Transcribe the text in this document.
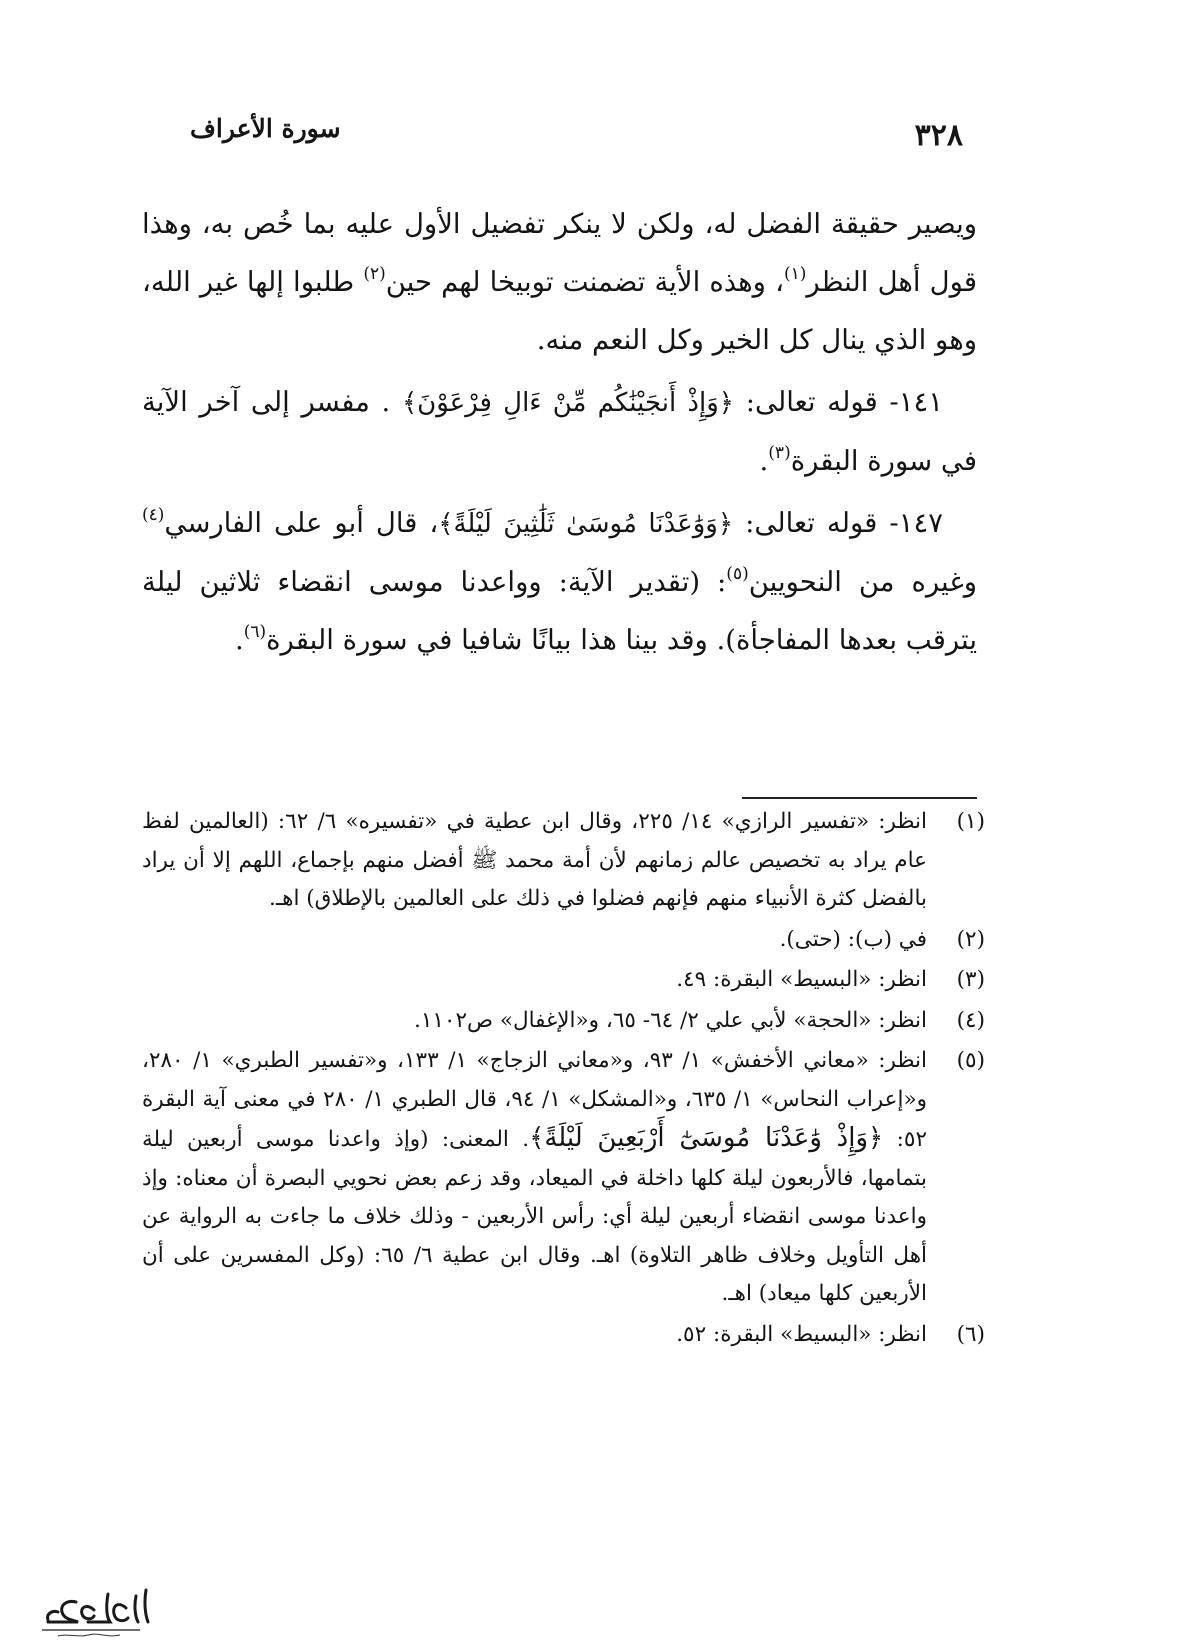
٣٢٨
سورة الأعراف

ويصير حقيقة الفضل له، ولكن لا ينكر تفضيل الأول عليه بما خُص به، وهذا قول أهل النظر$^{(١)}$، وهذه الأية تضمنت توبيخا لهم حين$^{(٢)}$ طلبوا إلها غير الله، وهو الذي ينال كل الخير وكل النعم منه.

١٤١- قوله تعالى: ﴿وَإِذْ أَنجَيْنَٰكُم مِّنْ ءَالِ فِرْعَوْنَ﴾ . مفسر إلى آخر الآية في سورة البقرة$^{(٣)}$.

١٤٧- قوله تعالى: ﴿وَوَٰعَدْنَا مُوسَىٰ ثَلَٰثِينَ لَيْلَةً﴾، قال أبو على الفارسي$^{(٤)}$ وغيره من النحويين$^{(٥)}$: (تقدير الآية: وواعدنا موسى انقضاء ثلاثين ليلة يترقب بعدها المفاجأة). وقد بينا هذا بيانًا شافيا في سورة البقرة$^{(٦)}$.

(١)
انظر: «تفسير الرازي» ١٤/ ٢٢٥، وقال ابن عطية في «تفسيره» ٦/ ٦٢: (العالمين لفظ عام يراد به تخصيص عالم زمانهم لأن أمة محمد ﷺ أفضل منهم بإجماع، اللهم إلا أن يراد بالفضل كثرة الأنبياء منهم فإنهم فضلوا في ذلك على العالمين بالإطلاق) اهـ.
(٢)
في (ب): (حتى).
(٣)
انظر: «البسيط» البقرة: ٤٩.
(٤)
انظر: «الحجة» لأبي علي ٢/ ٦٤- ٦٥، و«الإغفال» ص١١٠٢.
(٥)
انظر: «معاني الأخفش» ١/ ٩٣، و«معاني الزجاج» ١/ ١٣٣، و«تفسير الطبري» ١/ ٢٨٠، و«إعراب النحاس» ١/ ٦٣٥، و«المشكل» ١/ ٩٤، قال الطبري ١/ ٢٨٠ في معنى آية البقرة ٥٢: ﴿وَإِذْ وَٰعَدْنَا مُوسَىٰٓ أَرْبَعِينَ لَيْلَةً﴾. المعنى: (وإذ واعدنا موسى أربعين ليلة بتمامها، فالأربعون ليلة كلها داخلة في الميعاد، وقد زعم بعض نحويي البصرة أن معناه: وإذ واعدنا موسى انقضاء أربعين ليلة أي: رأس الأربعين - وذلك خلاف ما جاءت به الرواية عن أهل التأويل وخلاف ظاهر التلاوة) اهـ. وقال ابن عطية ٦/ ٦٥: (وكل المفسرين على أن الأربعين كلها ميعاد) اهـ.
(٦)
انظر: «البسيط» البقرة: ٥٢.
